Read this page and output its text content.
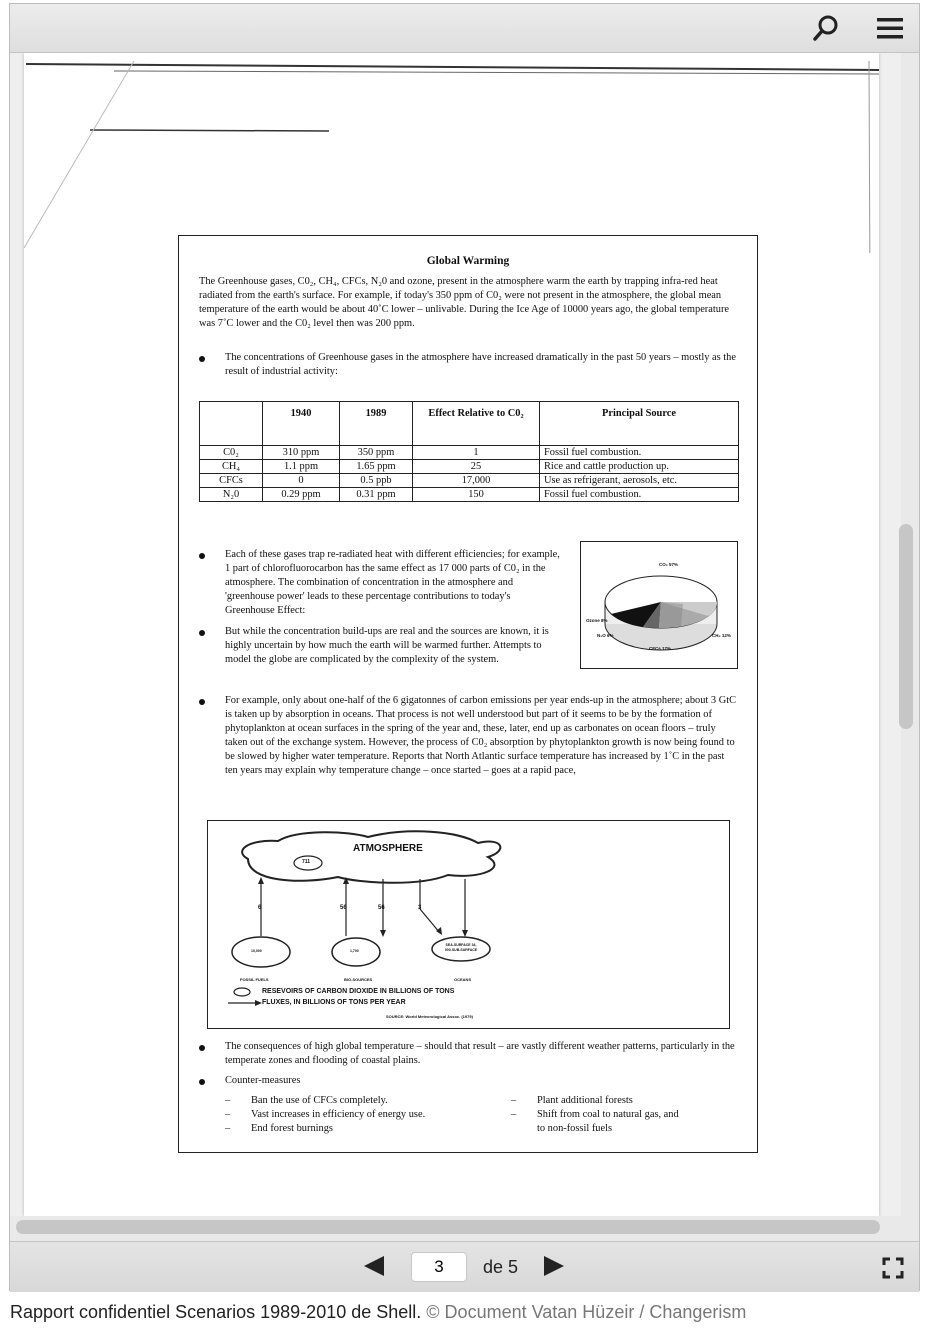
Global Warming

The Greenhouse gases, C0₂, CH₄, CFCs, N₂0 and ozone, present in the atmosphere warm the earth by trapping infra-red heat radiated from the earth's surface. For example, if today's 350 ppm of C0₂ were not present in the atmosphere, the global mean temperature of the earth would be about 40˚C lower – unlivable. During the Ice Age of 10000 years ago, the global temperature was 7˚C lower and the C0₂ level then was 200 ppm.

The concentrations of Greenhouse gases in the atmosphere have increased dramatically in the past 50 years – mostly as the result of industrial activity:
	1940	1989	Effect Relative to C0₂	Principal Source
C0₂	310 ppm	350 ppm	1	Fossil fuel combustion.
CH₄	1.1 ppm	1.65 ppm	25	Rice and cattle production up.
CFCs	0	0.5 ppb	17,000	Use as refrigerant, aerosols, etc.
N₂0	0.29 ppm	0.31 ppm	150	Fossil fuel combustion.
Each of these gases trap re-radiated heat with different efficiencies; for example, 1 part of chlorofluorocarbon has the same effect as 17 000 parts of C0₂ in the atmosphere. The combination of concentration in the atmosphere and 'greenhouse power' leads to these percentage contributions to today's Greenhouse Effect:
But while the concentration build-ups are real and the sources are known, it is highly uncertain by how much the earth will be warmed further. Attempts to model the globe are complicated by the complexity of the system.
CO₂ 57%
Ozone 8%
N₂O 6%
CFCs 17%
CH₄ 12%
For example, only about one-half of the 6 gigatonnes of carbon emissions per year ends-up in the atmosphere; about 3 GtC is taken up by absorption in oceans. That process is not well understood but part of it seems to be by the formation of phytoplankton at ocean surfaces in the spring of the year and, these, later, end up as carbonates on ocean floors – truly taken out of the exchange system. However, the process of C0₂ absorption by phytoplankton growth is now being found to be slowed by higher water temperature. Reports that North Atlantic surface temperature has increased by 1˚C in the past ten years may explain why temperature change – once started – goes at a rapid pace,
ATMOSPHERE
711
6	56	56	3
10,000	1,700
SEA-SURFACE 34, 000-SUB-SURFACE
FOSSIL FUELS	BIO-SOURCES	OCEANS
RESEVOIRS OF CARBON DIOXIDE IN BILLIONS OF TONS
FLUXES, IN BILLIONS OF TONS PER YEAR
SOURCE: World Meteorological Assoc. (1979)
The consequences of high global temperature – should that result – are vastly different weather patterns, particularly in the temperate zones and flooding of coastal plains.
Counter-measures
–
–
–
Ban the use of CFCs completely.
Vast increases in efficiency of energy use.
End forest burnings
–
–
Plant additional forests
Shift from coal to natural gas, and
to non-fossil fuels
3
de 5
Rapport confidentiel Scenarios 1989-2010 de Shell. © Document Vatan Hüzeir / Changerism
